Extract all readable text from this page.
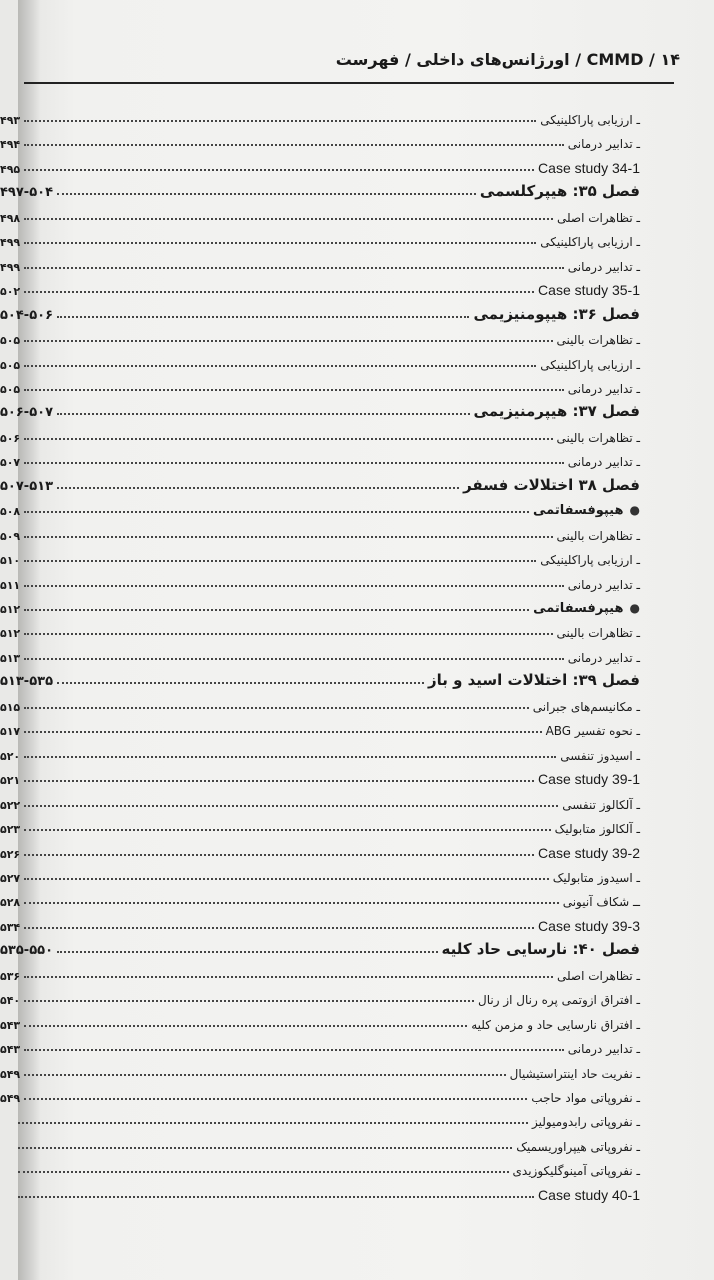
CMMD / ۱۴ / اورژانس‌های داخلی / فهرست
ـ ارزیابی پاراکلینیکی
۴۹۳
ـ تدابیر درمانی
۴۹۴
Case study 34-1
۴۹۵
فصل ۳۵: هیپرکلسمی
۴۹۷-۵۰۴
ـ تظاهرات اصلی
۴۹۸
ـ ارزیابی پاراکلینیکی
۴۹۹
ـ تدابیر درمانی
۴۹۹
Case study 35-1
۵۰۲
فصل ۳۶: هیپومنیزیمی
۵۰۴-۵۰۶
ـ تظاهرات بالینی
۵۰۵
ـ ارزیابی پاراکلینیکی
۵۰۵
ـ تدابیر درمانی
۵۰۵
فصل ۳۷: هیپرمنیزیمی
۵۰۶-۵۰۷
ـ تظاهرات بالینی
۵۰۶
ـ تدابیر درمانی
۵۰۷
فصل ۳۸ اختلالات فسفر
۵۰۷-۵۱۳
● هیپوفسفاتمی
۵۰۸
ـ تظاهرات بالینی
۵۰۹
ـ ارزیابی پاراکلینیکی
۵۱۰
ـ تدابیر درمانی
۵۱۱
● هیپرفسفاتمی
۵۱۲
ـ تظاهرات بالینی
۵۱۲
ـ تدابیر درمانی
۵۱۳
فصل ۳۹: اختلالات اسید و باز
۵۱۳-۵۳۵
ـ مکانیسم‌های جبرانی
۵۱۵
ـ نحوه تفسیر ABG
۵۱۷
ـ اسیدوز تنفسی
۵۲۰
Case study 39-1
۵۲۱
ـ آلکالوز تنفسی
۵۲۲
ـ آلکالوز متابولیک
۵۲۳
Case study 39-2
۵۲۶
ـ اسیدوز متابولیک
۵۲۷
ــ شکاف آنیونی
۵۲۸
Case study 39-3
۵۳۴
فصل ۴۰: نارسایی حاد کلیه
۵۳۵-۵۵۰
ـ تظاهرات اصلی
۵۳۶
ـ افتراق ازوتمی پره رنال از رنال
۵۴۰
ـ افتراق نارسایی حاد و مزمن کلیه
۵۴۳
ـ تدابیر درمانی
۵۴۳
ـ نفریت حاد اینتراستیشیال
۵۴۹
ـ نفروپاتی مواد حاجب
۵۴۹
ـ نفروپاتی رابدومیولیز
ـ نفروپاتی هیپراوریسمیک
ـ نفروپاتی آمینوگلیکوزیدی
Case study 40-1
